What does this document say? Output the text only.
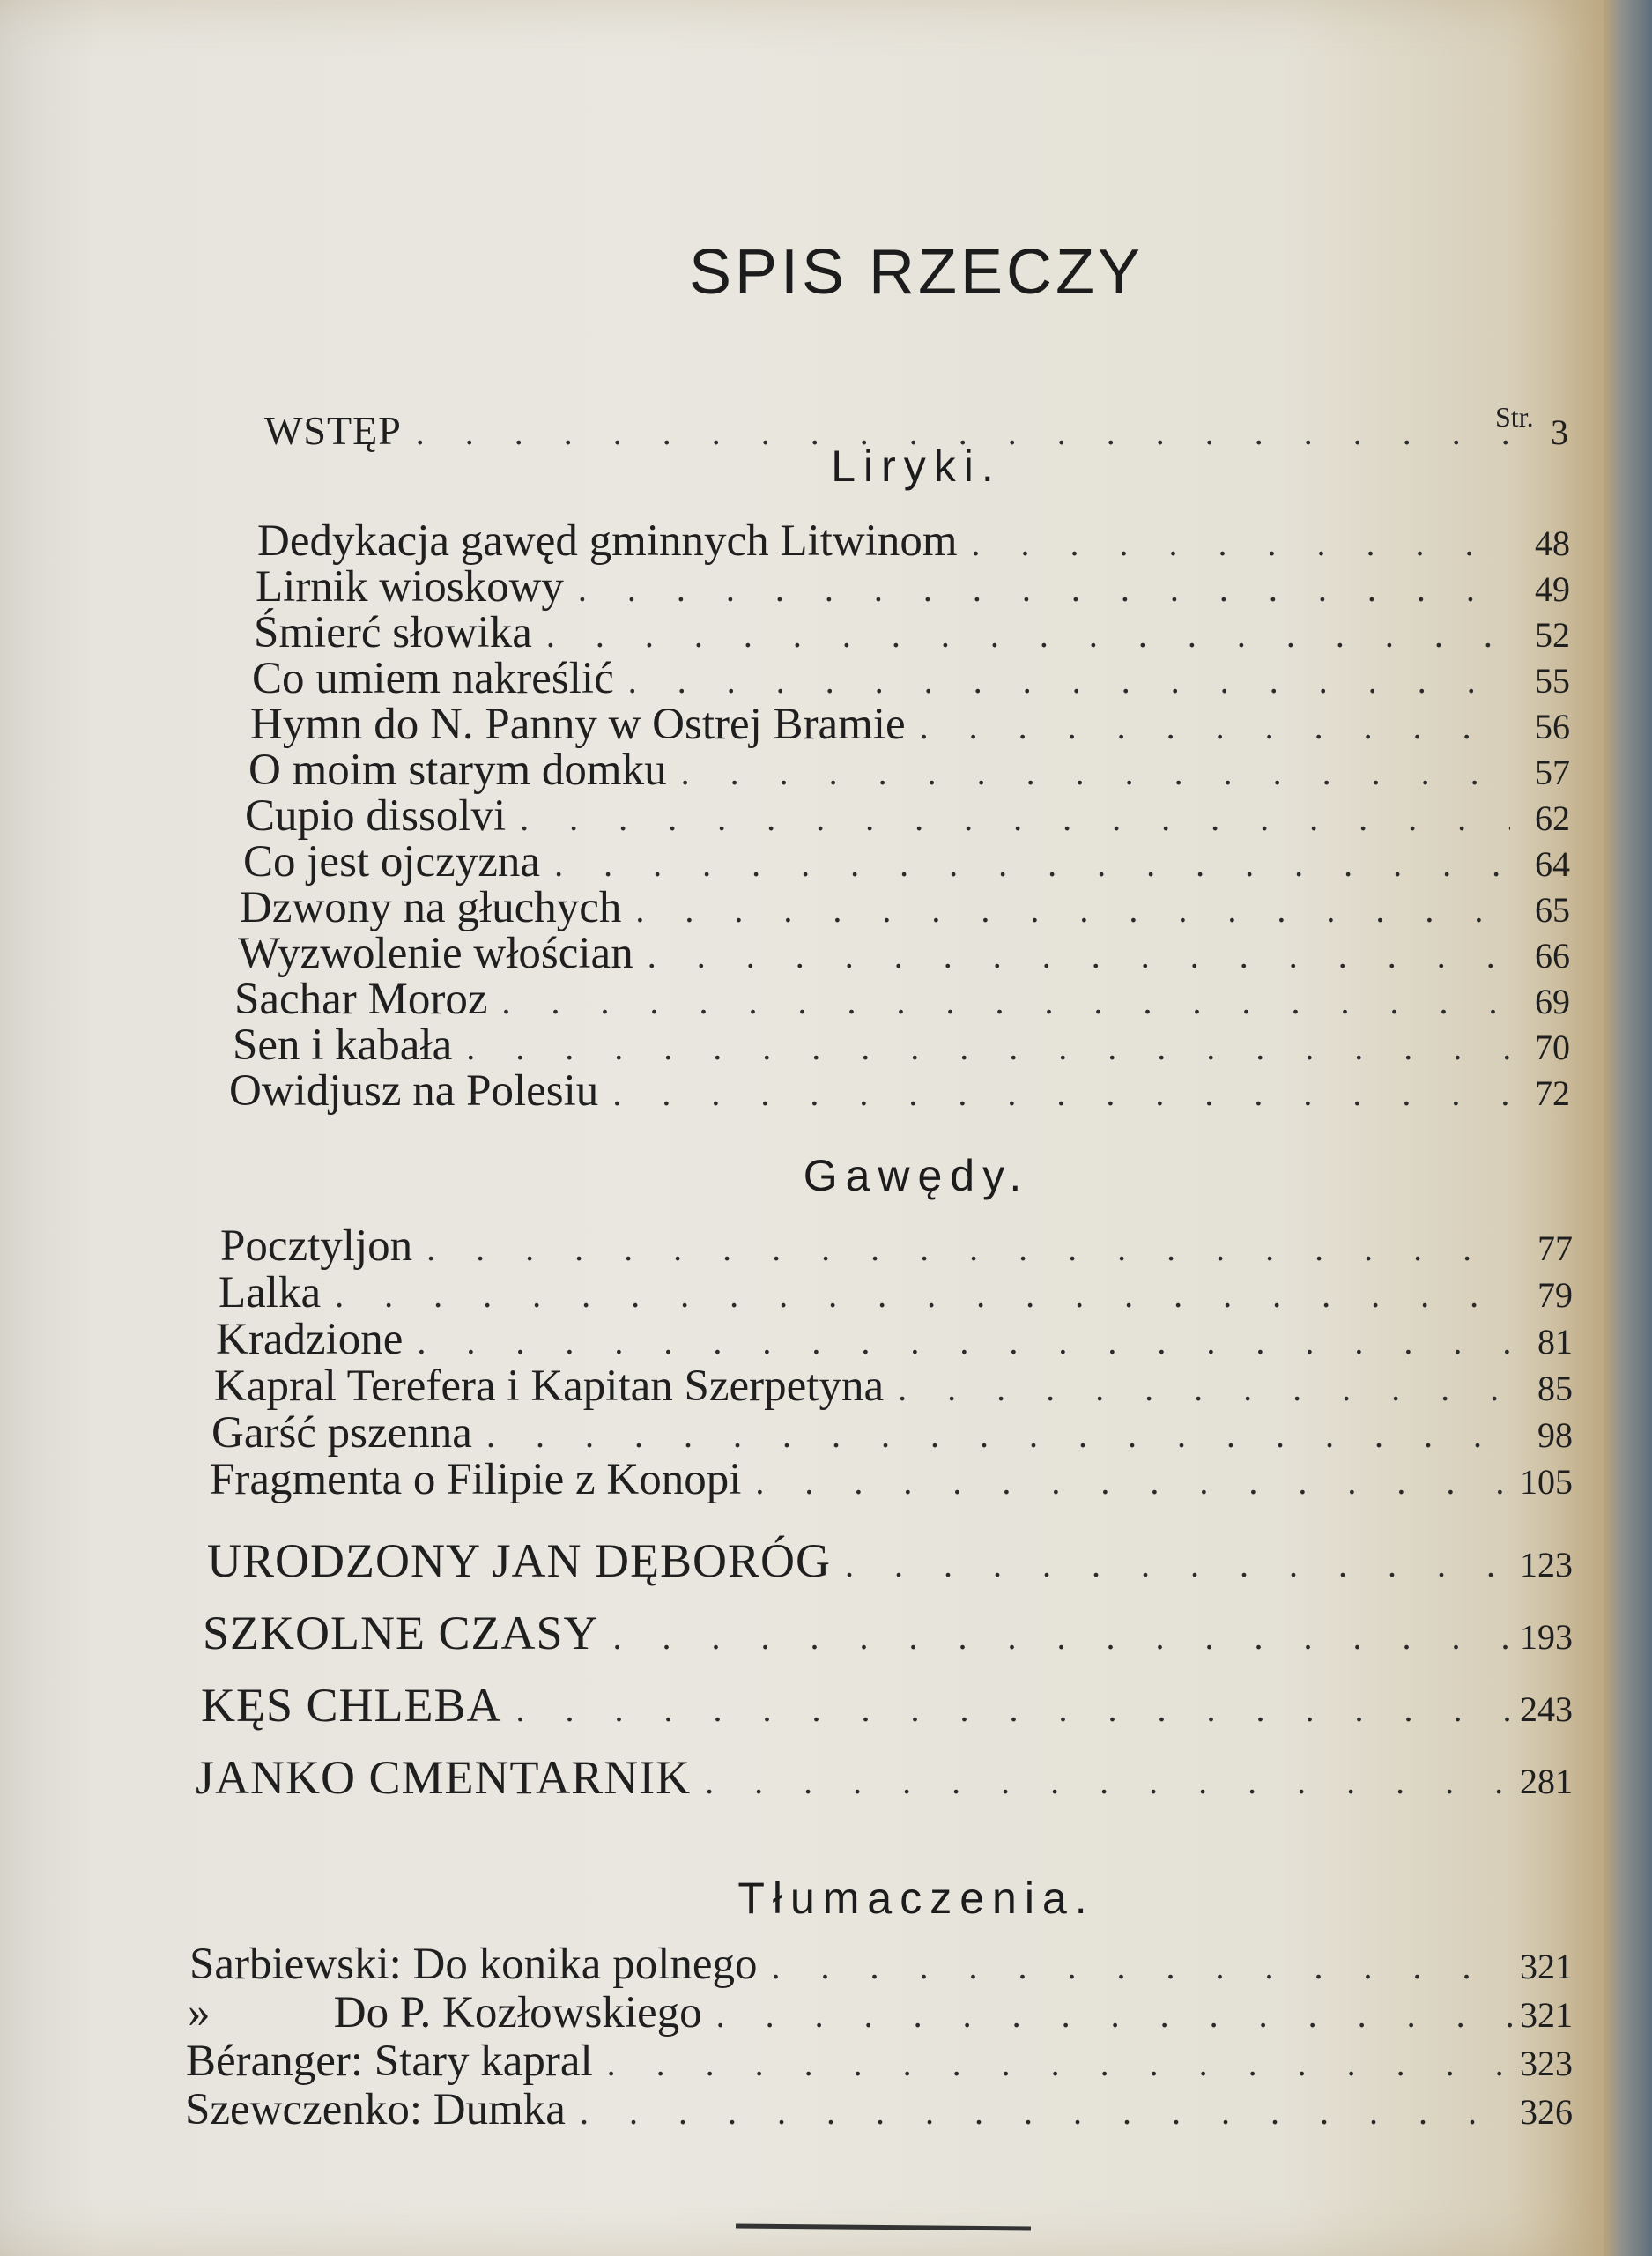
SPIS RZECZY
Str.
WSTĘP . . .	3
Liryki.
Dedykacja gawęd gminnych Litwinom . . .	48
Lirnik wioskowy . . .	49
Śmierć słowika . . .	52
Co umiem nakreślić . . .	55
Hymn do N. Panny w Ostrej Bramie . . .	56
O moim starym domku . . .	57
Cupio dissolvi . . .	62
Co jest ojczyzna . . .	64
Dzwony na głuchych . . .	65
Wyzwolenie włościan . . .	66
Sachar Moroz . . .	69
Sen i kabała . . .	70
Owidjusz na Polesiu . . .	72
Gawędy.
Pocztyljon . . .	77
Lalka . . .	79
Kradzione . . .	81
Kapral Terefera i Kapitan Szerpetyna . . .	85
Garść pszenna . . .	98
Fragmenta o Filipie z Konopi . . .	105
URODZONY JAN DĘBORÓG . . .	123
SZKOLNE CZASY . . .	193
KĘS CHLEBA . . .	243
JANKO CMENTARNIK . . .	281
Tłumaczenia.
Sarbiewski: Do konika polnego . . .	321
»           Do P. Kozłowskiego . . .	321
Béranger: Stary kapral . . .	323
Szewczenko: Dumka . . .	326
